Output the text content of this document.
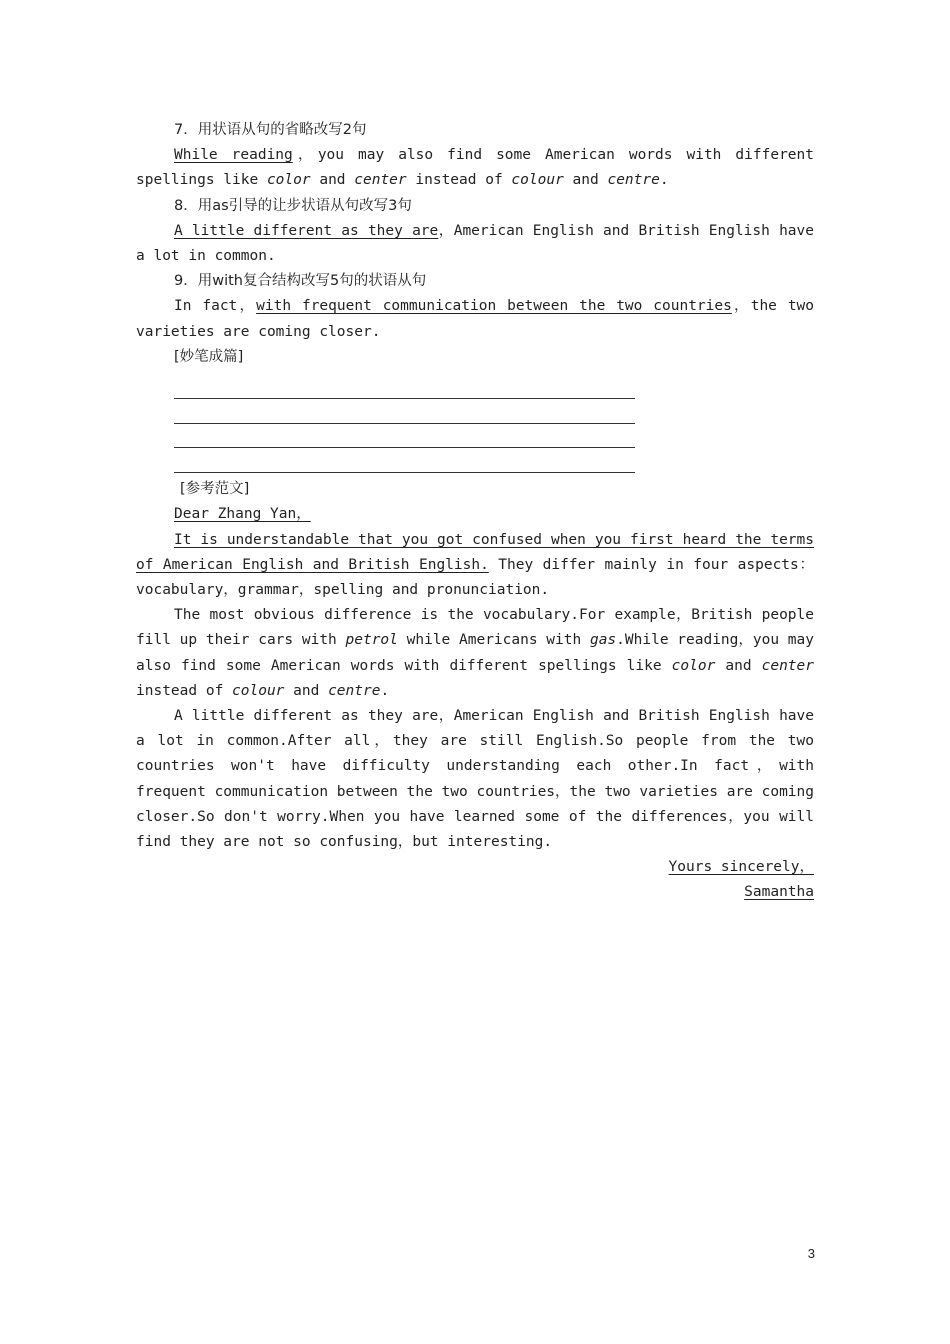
7．用状语从句的省略改写2句

While reading，you may also find some American words with different spellings like color and center instead of colour and centre.

8．用as引导的让步状语从句改写3句

A little different as they are，American English and British English have a lot in common.

9．用with复合结构改写5句的状语从句

In fact，with frequent communication between the two countries，the two varieties are coming closer.

[妙笔成篇]

[参考范文]

Dear Zhang Yan，

It is understandable that you got confused when you first heard the terms of American English and British English. They differ mainly in four aspects：vocabulary，grammar，spelling and pronunciation.

The most obvious difference is the vocabulary.For example，British people fill up their cars with petrol while Americans with gas.While reading，you may also find some American words with different spellings like color and center instead of colour and centre.

A little different as they are，American English and British English have a lot in common.After all，they are still English.So people from the two countries won't have difficulty understanding each other.In fact，with frequent communication between the two countries，the two varieties are coming closer.So don't worry.When you have learned some of the differences，you will find they are not so confusing，but interesting.

Yours sincerely，
Samantha
3
